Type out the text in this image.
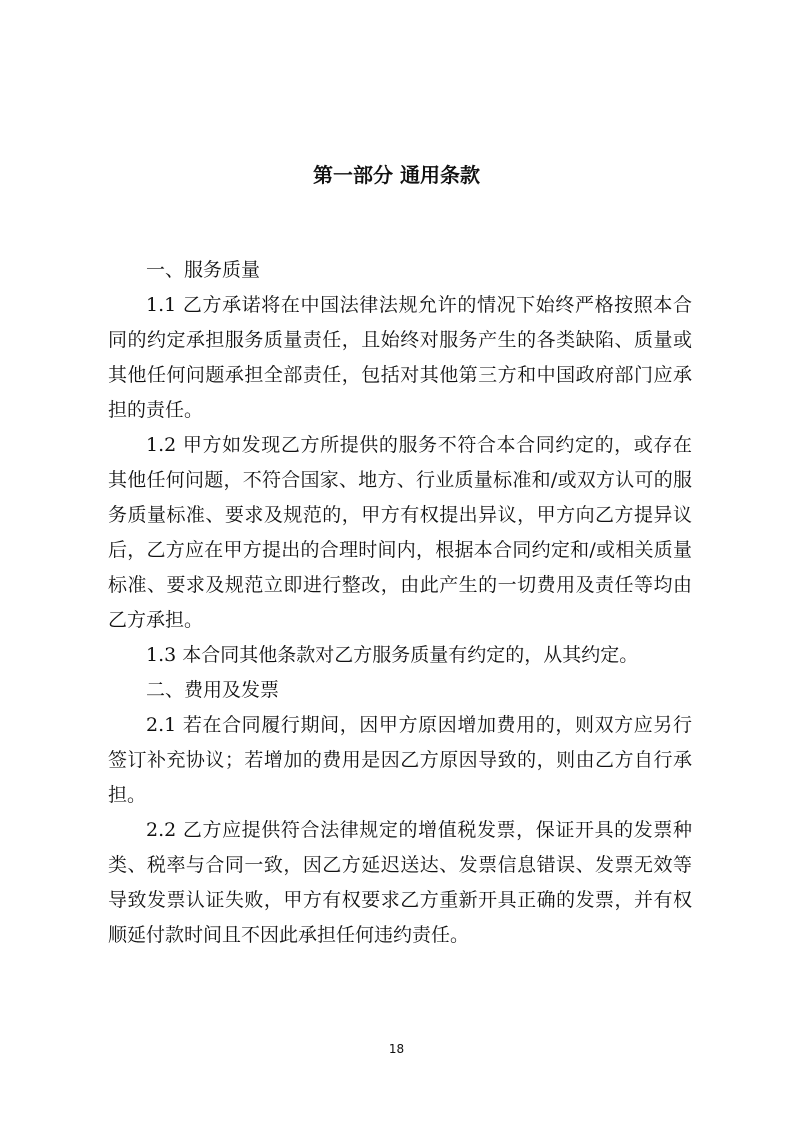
第一部分 通用条款

一、服务质量

1.1 乙方承诺将在中国法律法规允许的情况下始终严格按照本合同的约定承担服务质量责任，且始终对服务产生的各类缺陷、质量或其他任何问题承担全部责任，包括对其他第三方和中国政府部门应承担的责任。

1.2 甲方如发现乙方所提供的服务不符合本合同约定的，或存在其他任何问题，不符合国家、地方、行业质量标准和/或双方认可的服务质量标准、要求及规范的，甲方有权提出异议，甲方向乙方提异议后，乙方应在甲方提出的合理时间内，根据本合同约定和/或相关质量标准、要求及规范立即进行整改，由此产生的一切费用及责任等均由乙方承担。

1.3 本合同其他条款对乙方服务质量有约定的，从其约定。

二、费用及发票

2.1 若在合同履行期间，因甲方原因增加费用的，则双方应另行签订补充协议；若增加的费用是因乙方原因导致的，则由乙方自行承担。

2.2 乙方应提供符合法律规定的增值税发票，保证开具的发票种类、税率与合同一致，因乙方延迟送达、发票信息错误、发票无效等导致发票认证失败，甲方有权要求乙方重新开具正确的发票，并有权顺延付款时间且不因此承担任何违约责任。

18
